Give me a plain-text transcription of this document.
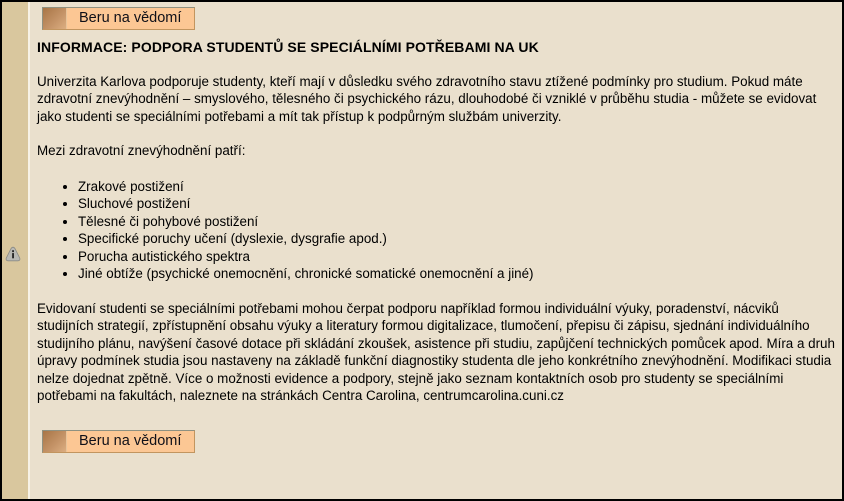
Beru na vědomí
INFORMACE: PODPORA STUDENTŮ SE SPECIÁLNÍMI POTŘEBAMI NA UK

Univerzita Karlova podporuje studenty, kteří mají v důsledku svého zdravotního stavu ztížené podmínky pro studium. Pokud máte zdravotní znevýhodnění – smyslového, tělesného či psychického rázu, dlouhodobé či vzniklé v průběhu studia - můžete se evidovat jako studenti se speciálními potřebami a mít tak přístup k podpůrným službám univerzity.

Mezi zdravotní znevýhodnění patří:

• Zrakové postižení
• Sluchové postižení
• Tělesné či pohybové postižení
• Specifické poruchy učení (dyslexie, dysgrafie apod.)
• Porucha autistického spektra
• Jiné obtíže (psychické onemocnění, chronické somatické onemocnění a jiné)

Evidovaní studenti se speciálními potřebami mohou čerpat podporu například formou individuální výuky, poradenství, nácviků studijních strategií, zpřístupnění obsahu výuky a literatury formou digitalizace, tlumočení, přepisu či zápisu, sjednání individuálního studijního plánu, navýšení časové dotace při skládání zkoušek, asistence při studiu, zapůjčení technických pomůcek apod. Míra a druh úpravy podmínek studia jsou nastaveny na základě funkční diagnostiky studenta dle jeho konkrétního znevýhodnění. Modifikaci studia nelze dojednat zpětně. Více o možnosti evidence a podpory, stejně jako seznam kontaktních osob pro studenty se speciálními potřebami na fakultách, naleznete na stránkách Centra Carolina, centrumcarolina.cuni.cz

Beru na vědomí
